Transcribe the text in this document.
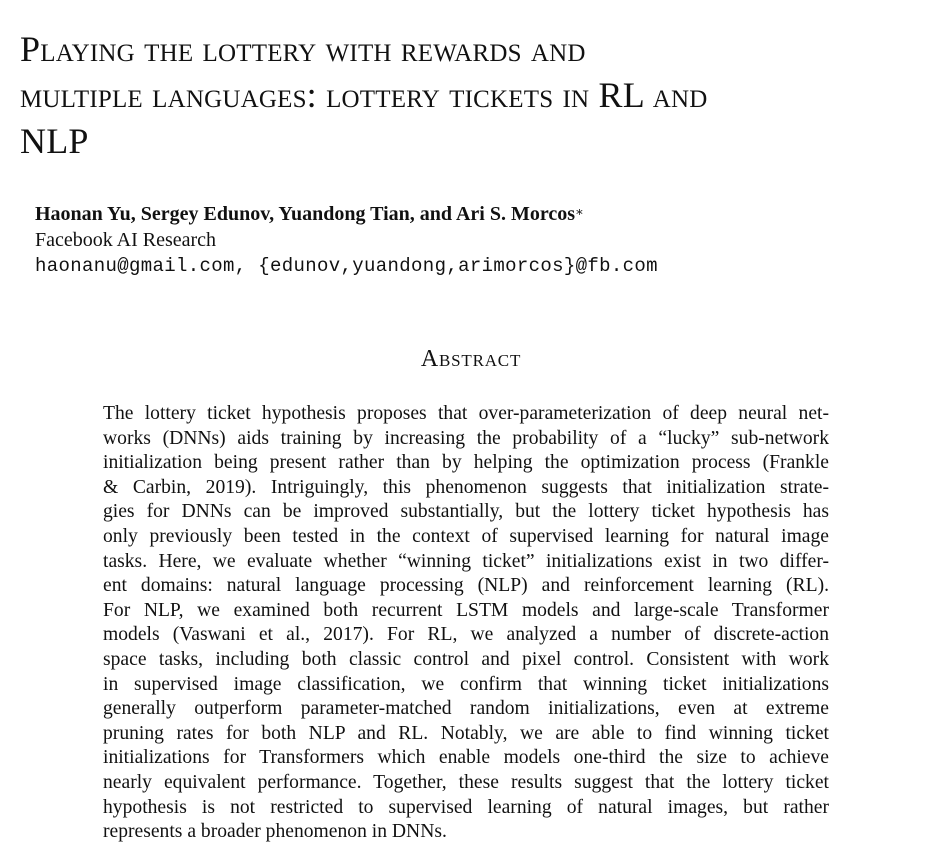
Playing the lottery with rewards and
multiple languages: lottery tickets in RL and
NLP
Haonan Yu, Sergey Edunov, Yuandong Tian, and Ari S. Morcos∗
Facebook AI Research
haonanu@gmail.com, {edunov,yuandong,arimorcos}@fb.com
Abstract
The lottery ticket hypothesis proposes that over-parameterization of deep neural net-
works (DNNs) aids training by increasing the probability of a “lucky” sub-network
initialization being present rather than by helping the optimization process (Frankle
& Carbin, 2019). Intriguingly, this phenomenon suggests that initialization strate-
gies for DNNs can be improved substantially, but the lottery ticket hypothesis has
only previously been tested in the context of supervised learning for natural image
tasks. Here, we evaluate whether “winning ticket” initializations exist in two differ-
ent domains: natural language processing (NLP) and reinforcement learning (RL).
For NLP, we examined both recurrent LSTM models and large-scale Transformer
models (Vaswani et al., 2017). For RL, we analyzed a number of discrete-action
space tasks, including both classic control and pixel control. Consistent with work
in supervised image classification, we confirm that winning ticket initializations
generally outperform parameter-matched random initializations, even at extreme
pruning rates for both NLP and RL. Notably, we are able to find winning ticket
initializations for Transformers which enable models one-third the size to achieve
nearly equivalent performance. Together, these results suggest that the lottery ticket
hypothesis is not restricted to supervised learning of natural images, but rather
represents a broader phenomenon in DNNs.
